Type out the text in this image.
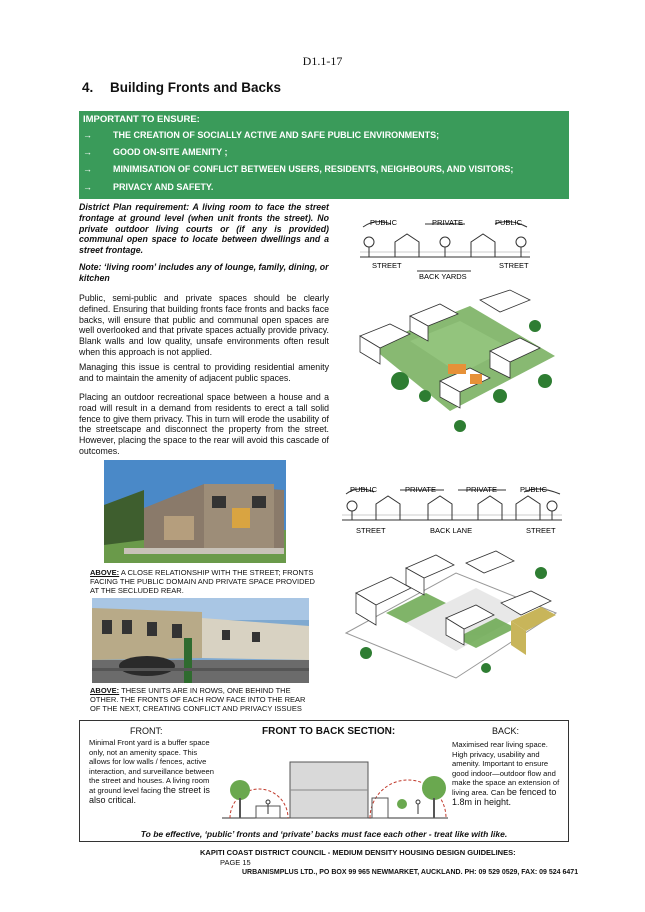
D1.1-17
4. Building Fronts and Backs
IMPORTANT TO ENSURE:
→ THE CREATION OF SOCIALLY ACTIVE AND SAFE PUBLIC ENVIRONMENTS;
→ GOOD ON-SITE AMENITY ;
→ MINIMISATION OF CONFLICT BETWEEN USERS, RESIDENTS, NEIGHBOURS, AND VISITORS;
→ PRIVACY AND SAFETY.
District Plan requirement: A living room to face the street frontage at ground level (when unit fronts the street). No private outdoor living courts or (if any is provided) communal open space to locate between dwellings and a street frontage.
Note: ‘living room’ includes any of lounge, family, dining, or kitchen
Public, semi-public and private spaces should be clearly defined. Ensuring that building fronts face fronts and backs face backs, will ensure that public and communal open spaces are well overlooked and that private spaces actually provide privacy. Blank walls and low quality, unsafe environments often result when this approach is not applied.
Managing this issue is central to providing residential amenity and to maintain the amenity of adjacent public spaces.
Placing an outdoor recreational space between a house and a road will result in a demand from residents to erect a tall solid fence to give them privacy. This in turn will erode the usability of the streetscape and disconnect the property from the street. However, placing the space to the rear will avoid this cascade of outcomes.
PUBLIC	PRIVATE	PUBLIC
STREET	STREET
BACK YARDS
ABOVE: A CLOSE RELATIONSHIP WITH THE STREET; FRONTS FACING THE PUBLIC DOMAIN AND PRIVATE SPACE PROVIDED AT THE SECLUDED REAR.
ABOVE: THESE UNITS ARE IN ROWS, ONE BEHIND THE OTHER. THE FRONTS OF EACH ROW FACE INTO THE REAR OF THE NEXT, CREATING CONFLICT AND PRIVACY ISSUES
PUBLIC	PRIVATE	PRIVATE	PUBLIC
STREET	BACK LANE	STREET
FRONT:	FRONT TO BACK SECTION:	BACK:
Minimal Front yard is a buffer space only, not an amenity space. This allows for low walls / fences, active interaction, and surveillance between the street and houses. A living room at ground level facing the street is also critical.
Maximised rear living space. High privacy, usability and amenity. Important to ensure good indoor—outdoor flow and make the space an extension of living area. Can be fenced to 1.8m in height.
To be effective, ‘public’ fronts and ‘private’ backs must face each other - treat like with like.
KAPITI COAST DISTRICT COUNCIL - MEDIUM DENSITY HOUSING DESIGN GUIDELINES:
PAGE 15
URBANISMPLUS LTD., PO BOX 99 965 NEWMARKET, AUCKLAND. PH: 09 529 0529, FAX: 09 524 6471
